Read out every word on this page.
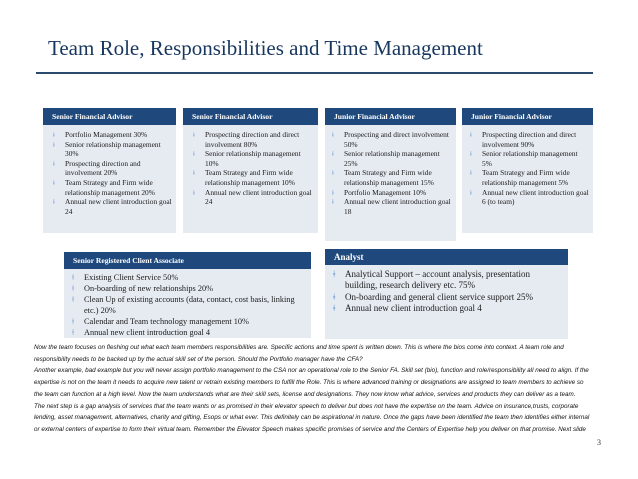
Team Role, Responsibilities and Time Management
Senior Financial Advisor
ǂ Portfolio Management 30%
ǂ Senior relationship management 30%
ǂ Prospecting direction and involvement 20%
ǂ Team Strategy and Firm wide relationship management 20%
ǂ Annual new client introduction goal 24
Senior Financial Advisor
ǂ Prospecting direction and direct involvement 80%
ǂ Senior relationship management 10%
ǂ Team Strategy and Firm wide relationship management 10%
ǂ Annual new client introduction goal 24
Junior Financial Advisor
ǂ Prospecting and direct involvement 50%
ǂ Senior relationship management 25%
ǂ Team Strategy and Firm wide relationship management 15%
ǂ Portfolio Management 10%
ǂ Annual new client introduction goal 18
Junior Financial Advisor
ǂ Prospecting direction and direct involvement 90%
ǂ Senior relationship management 5%
ǂ Team Strategy and Firm wide relationship management 5%
ǂ Annual new client introduction goal 6 (to team)
Senior Registered Client Associate
ǂ Existing Client Service 50%
ǂ On-boarding of new relationships 20%
ǂ Clean Up of existing accounts (data, contact, cost basis, linking etc.) 20%
ǂ Calendar and Team technology management 10%
ǂ Annual new client introduction goal 4
Analyst
ǂ Analytical Support – account analysis, presentation building, research delivery etc. 75%
ǂ On-boarding and general client service support 25%
ǂ Annual new client introduction goal 4

Now the team focuses on fleshing out what each team members responsibilities are. Specific actions and time spent is written down. This is where the bios come into context. A team role and responsibility needs to be backed up by the actual skill set of the person. Should the Portfolio manager have the CFA?

Another example, bad example but you will never assign portfolio management to the CSA nor an operational role to the Senior FA. Skill set (bio), function and role/responsibility all need to align. If the expertise is not on the team it needs to acquire new talent or retrain existing members to fulfill the Role. This is where advanced training or designations are assigned to team members to achieve so the team can function at a high level. Now the team understands what are their skill sets, license and designations. They now know what advice, services and products they can deliver as a team.

The next step is a gap analysis of services that the team wants or as promised in their elevator speech to deliver but does not have the expertise on the team. Advice on insurance,trusts, corporate lending, asset management, alternatives, charity and gifting, Esops or what ever. This definitely can be aspirational in nature. Once the gaps have been identified the team then identifies either internal or external centers of expertise to form their virtual team. Remember the Elevator Speech makes specific promises of service and the Centers of Expertise help you deliver on that promise. Next slide

3
